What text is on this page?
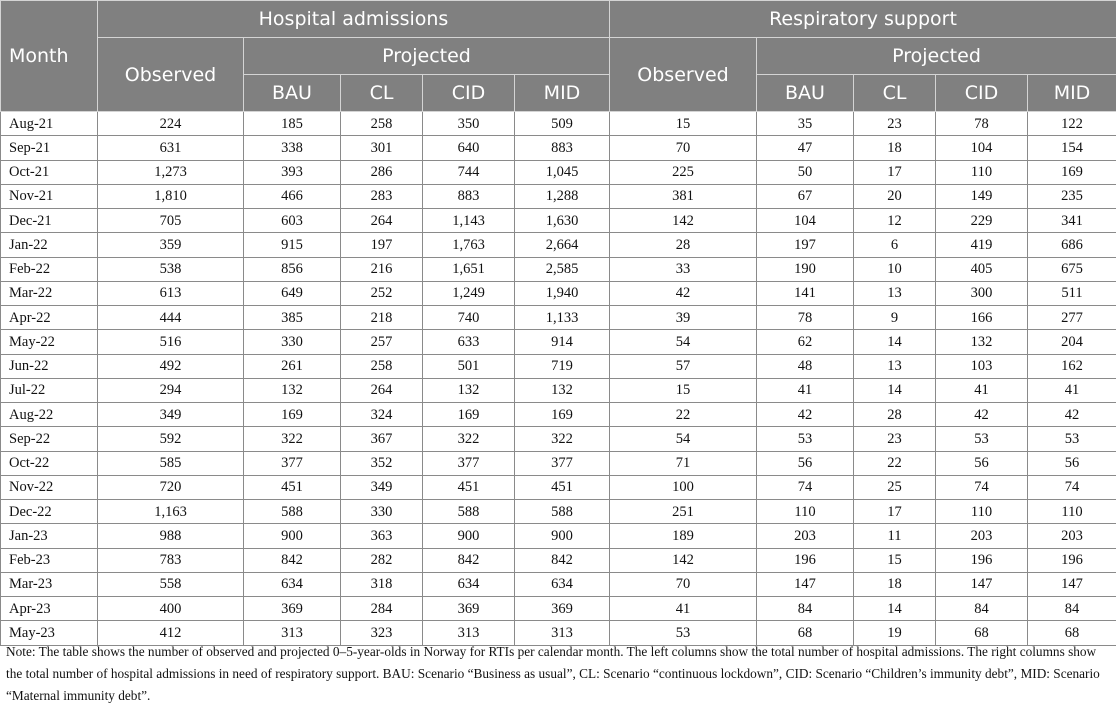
Month	Hospital admissions					Respiratory support				
	Observed	Projected				Observed	Projected			
		BAU	CL	CID	MID		BAU	CL	CID	MID
Aug-21	224	185	258	350	509	15	35	23	78	122
Sep-21	631	338	301	640	883	70	47	18	104	154
Oct-21	1,273	393	286	744	1,045	225	50	17	110	169
Nov-21	1,810	466	283	883	1,288	381	67	20	149	235
Dec-21	705	603	264	1,143	1,630	142	104	12	229	341
Jan-22	359	915	197	1,763	2,664	28	197	6	419	686
Feb-22	538	856	216	1,651	2,585	33	190	10	405	675
Mar-22	613	649	252	1,249	1,940	42	141	13	300	511
Apr-22	444	385	218	740	1,133	39	78	9	166	277
May-22	516	330	257	633	914	54	62	14	132	204
Jun-22	492	261	258	501	719	57	48	13	103	162
Jul-22	294	132	264	132	132	15	41	14	41	41
Aug-22	349	169	324	169	169	22	42	28	42	42
Sep-22	592	322	367	322	322	54	53	23	53	53
Oct-22	585	377	352	377	377	71	56	22	56	56
Nov-22	720	451	349	451	451	100	74	25	74	74
Dec-22	1,163	588	330	588	588	251	110	17	110	110
Jan-23	988	900	363	900	900	189	203	11	203	203
Feb-23	783	842	282	842	842	142	196	15	196	196
Mar-23	558	634	318	634	634	70	147	18	147	147
Apr-23	400	369	284	369	369	41	84	14	84	84
May-23	412	313	323	313	313	53	68	19	68	68

Note: The table shows the number of observed and projected 0–5-year-olds in Norway for RTIs per calendar month. The left columns show the total number of hospital admissions. The right columns show the total number of hospital admissions in need of respiratory support. BAU: Scenario “Business as usual”, CL: Scenario “continuous lockdown”, CID: Scenario “Children’s immunity debt”, MID: Scenario “Maternal immunity debt”.
